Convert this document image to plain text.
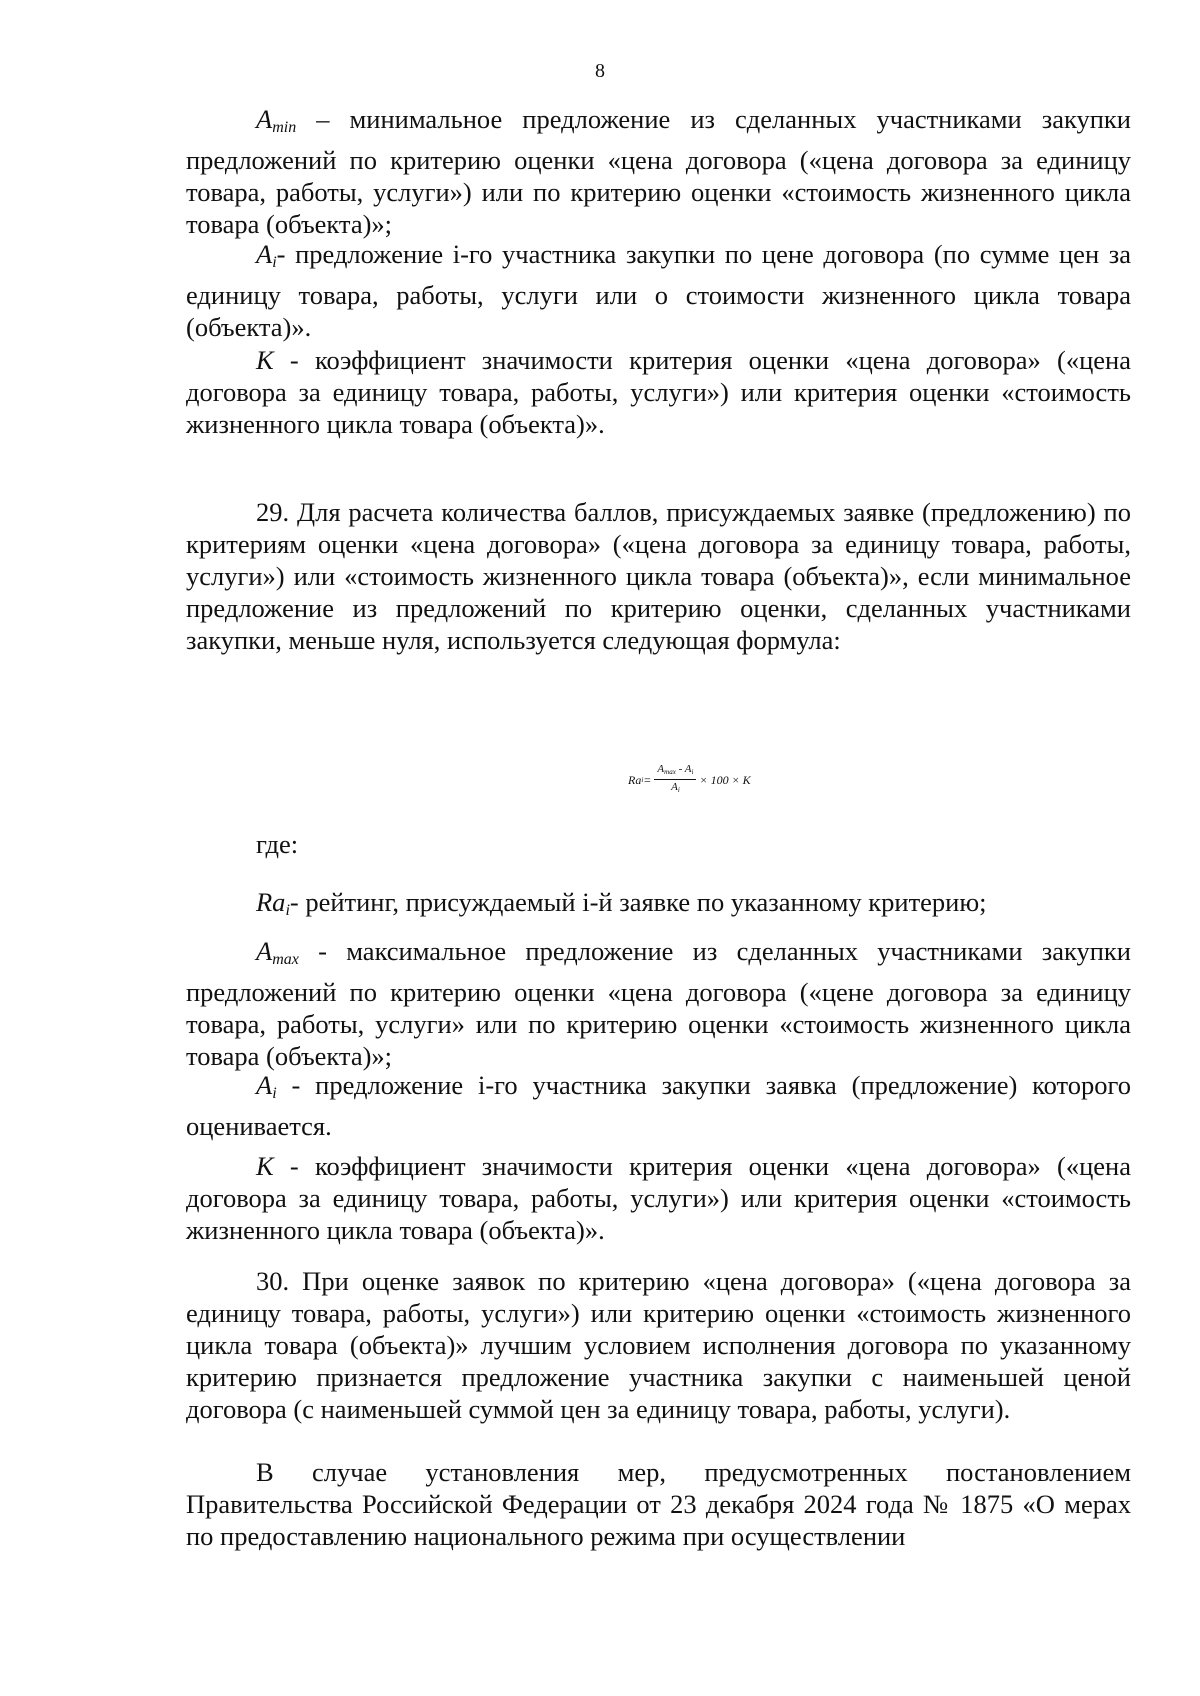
8
$A_{min}$ – минимальное предложение из сделанных участниками закупки предложений по критерию оценки «цена договора («цена договора за единицу товара, работы, услуги») или по критерию оценки «стоимость жизненного цикла товара (объекта)»;
$A_i-$ предложение i-го участника закупки по цене договора (по сумме цен за единицу товара, работы, услуги или о стоимости жизненного цикла товара (объекта)».
К - коэффициент значимости критерия оценки «цена договора» («цена договора за единицу товара, работы, услуги») или критерия оценки «стоимость жизненного цикла товара (объекта)».
29. Для расчета количества баллов, присуждаемых заявке (предложению) по критериям оценки «цена договора» («цена договора за единицу товара, работы, услуги») или «стоимость жизненного цикла товара (объекта)», если минимальное предложение из предложений по критерию оценки, сделанных участниками закупки, меньше нуля, используется следующая формула:
Ra $i = \frac{Amax - Ai}{Ai} \times 100 \times K$
где:
$Ra_i-$ рейтинг, присуждаемый i-й заявке по указанному критерию;
$A_{max}$ - максимальное предложение из сделанных участниками закупки предложений по критерию оценки «цена договора («цене договора за единицу товара, работы, услуги» или по критерию оценки «стоимость жизненного цикла товара (объекта)»;
$A_i$ - предложение i-го участника закупки заявка (предложение) которого оценивается.
К - коэффициент значимости критерия оценки «цена договора» («цена договора за единицу товара, работы, услуги») или критерия оценки «стоимость жизненного цикла товара (объекта)».
30. При оценке заявок по критерию «цена договора» («цена договора за единицу товара, работы, услуги») или критерию оценки «стоимость жизненного цикла товара (объекта)» лучшим условием исполнения договора по указанному критерию признается предложение участника закупки с наименьшей ценой договора (с наименьшей суммой цен за единицу товара, работы, услуги).
В случае установления мер, предусмотренных постановлением Правительства Российской Федерации от 23 декабря 2024 года № 1875 «О мерах по предоставлению национального режима при осуществлении
